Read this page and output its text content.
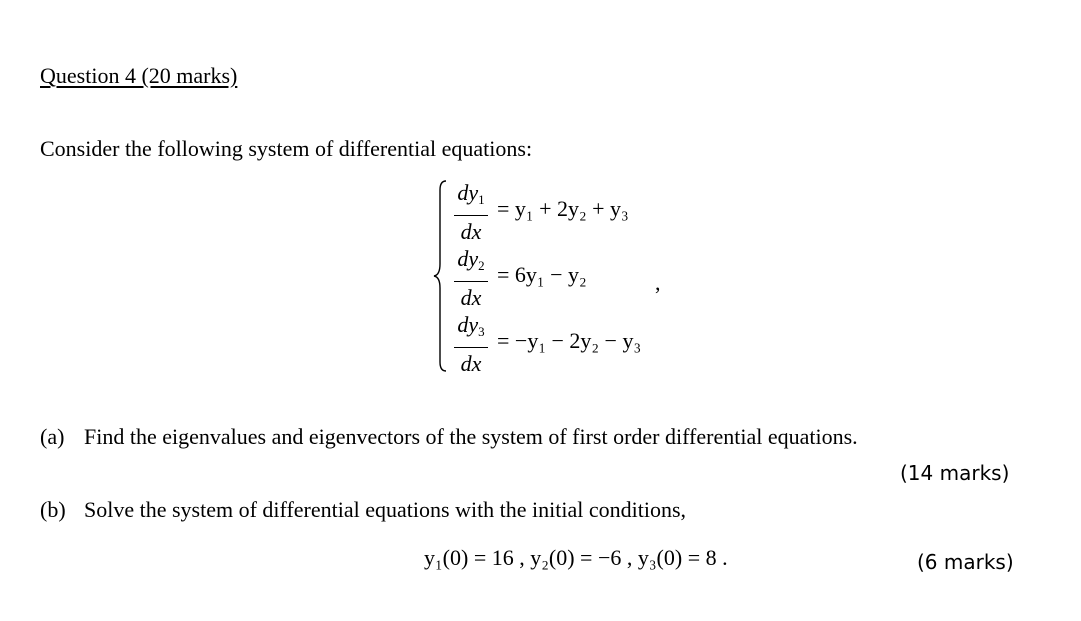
Question 4 (20 marks)
Consider the following system of differential equations:
$dy_1$
dx
= y₁ + 2y₂ + y₃
$dy_2$
dx
= 6y₁ − y₂
$dy_3$
dx
= −y₁ − 2y₂ − y₃
,
(a) Find the eigenvalues and eigenvectors of the system of first order differential equations.
(14 marks)
(b) Solve the system of differential equations with the initial conditions,
y₁(0) = 16 , y₂(0) = −6 , y₃(0) = 8 .	(6 marks)
